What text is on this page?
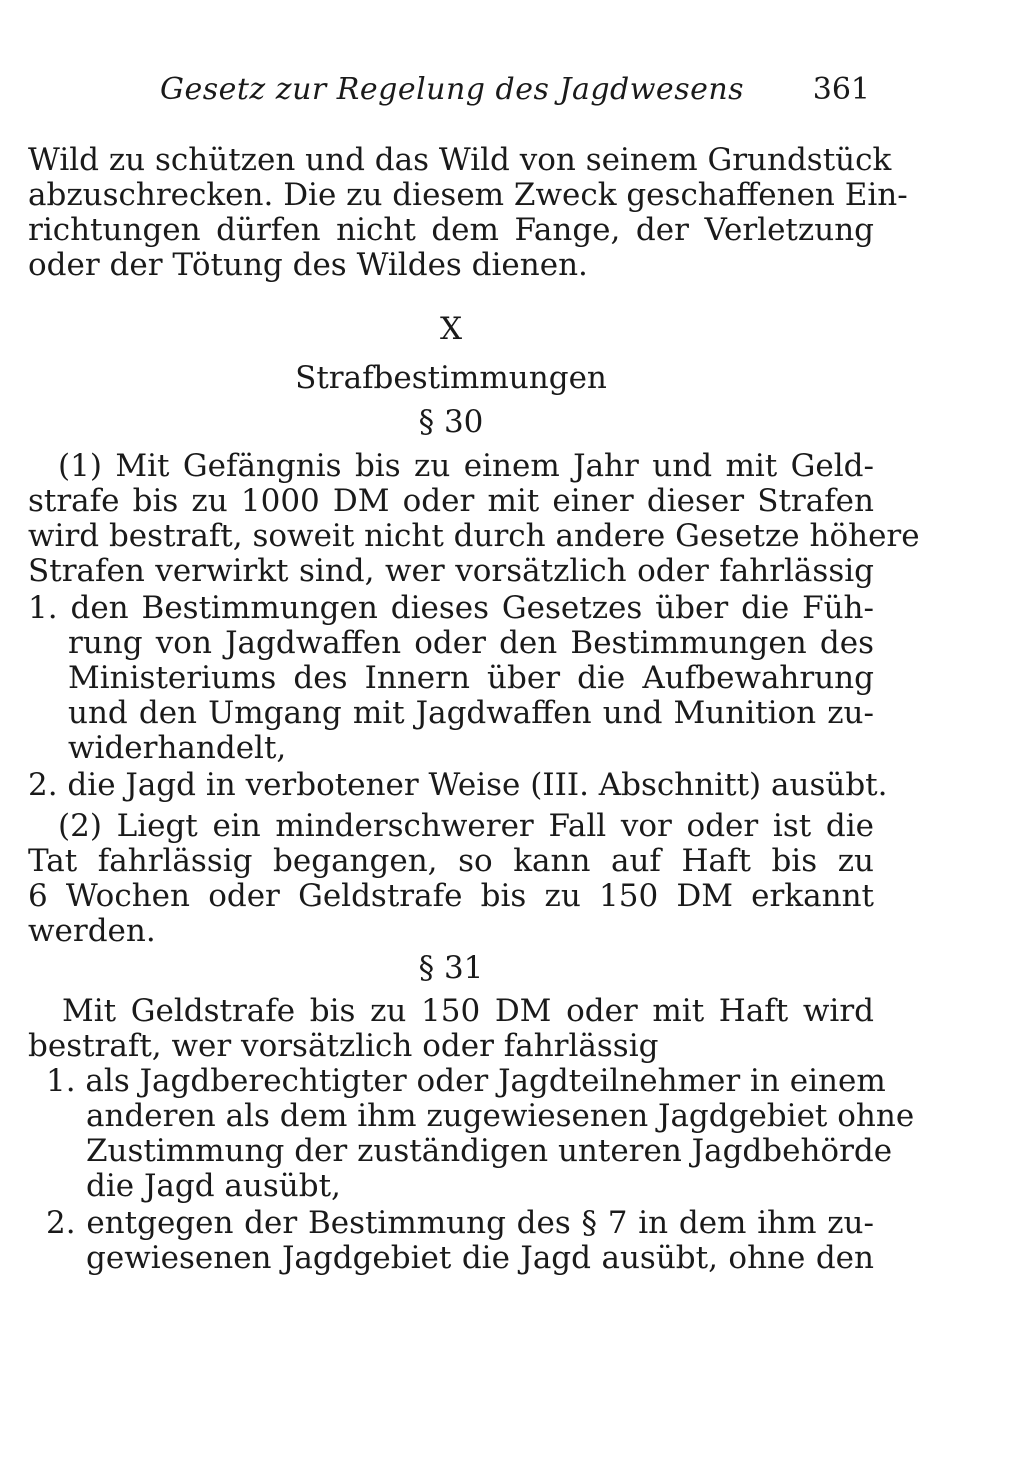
Gesetz zur Regelung des Jagdwesens 361
Wild zu schützen und das Wild von seinem Grundstück
abzuschrecken. Die zu diesem Zweck geschaffenen Ein-
richtungen dürfen nicht dem Fange, der Verletzung
oder der Tötung des Wildes dienen.
X
Strafbestimmungen
§ 30
(1) Mit Gefängnis bis zu einem Jahr und mit Geld-
strafe bis zu 1000 DM oder mit einer dieser Strafen
wird bestraft, soweit nicht durch andere Gesetze höhere
Strafen verwirkt sind, wer vorsätzlich oder fahrlässig
1. den Bestimmungen dieses Gesetzes über die Füh-
rung von Jagdwaffen oder den Bestimmungen des
Ministeriums des Innern über die Aufbewahrung
und den Umgang mit Jagdwaffen und Munition zu-
widerhandelt,
2. die Jagd in verbotener Weise (III. Abschnitt) ausübt.
(2) Liegt ein minderschwerer Fall vor oder ist die
Tat fahrlässig begangen, so kann auf Haft bis zu
6 Wochen oder Geldstrafe bis zu 150 DM erkannt
werden.
§ 31
Mit Geldstrafe bis zu 150 DM oder mit Haft wird
bestraft, wer vorsätzlich oder fahrlässig
1. als Jagdberechtigter oder Jagdteilnehmer in einem
anderen als dem ihm zugewiesenen Jagdgebiet ohne
Zustimmung der zuständigen unteren Jagdbehörde
die Jagd ausübt,
2. entgegen der Bestimmung des § 7 in dem ihm zu-
gewiesenen Jagdgebiet die Jagd ausübt, ohne den
